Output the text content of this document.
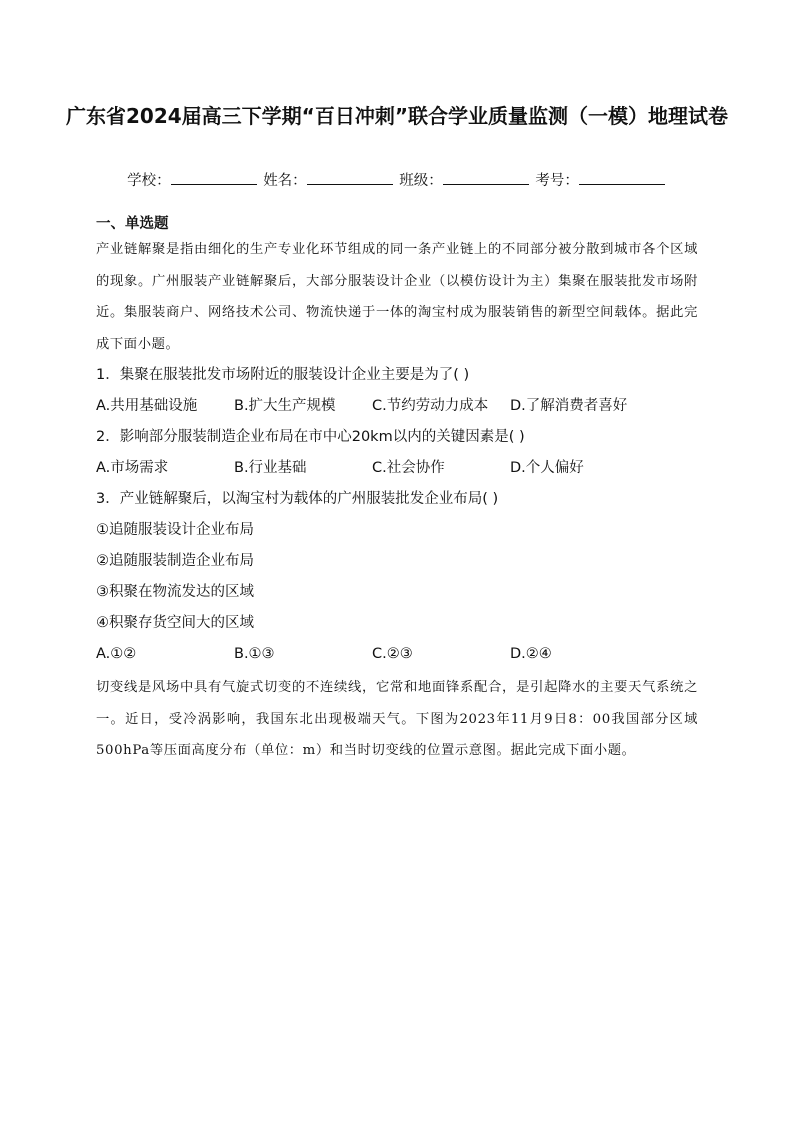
广东省2024届高三下学期“百日冲刺”联合学业质量监测（一模）地理试卷
学校：	姓名：	班级：	考号：
一、单选题
产业链解聚是指由细化的生产专业化环节组成的同一条产业链上的不同部分被分散到城市各个区域的现象。广州服装产业链解聚后，大部分服装设计企业（以模仿设计为主）集聚在服装批发市场附近。集服装商户、网络技术公司、物流快递于一体的淘宝村成为服装销售的新型空间载体。据此完成下面小题。
1．集聚在服装批发市场附近的服装设计企业主要是为了( )
A.共用基础设施	B.扩大生产规模	C.节约劳动力成本 D.了解消费者喜好
2．影响部分服装制造企业布局在市中心20km以内的关键因素是( )
A.市场需求	B.行业基础	C.社会协作	D.个人偏好
3．产业链解聚后，以淘宝村为载体的广州服装批发企业布局( )
①追随服装设计企业布局
②追随服装制造企业布局
③积聚在物流发达的区域
④积聚存货空间大的区域
A.①②	B.①③	C.②③	D.②④
切变线是风场中具有气旋式切变的不连续线，它常和地面锋系配合，是引起降水的主要天气系统之一。近日，受冷涡影响，我国东北出现极端天气。下图为2023年11月9日8：00我国部分区域500hPa等压面高度分布（单位：m）和当时切变线的位置示意图。据此完成下面小题。
